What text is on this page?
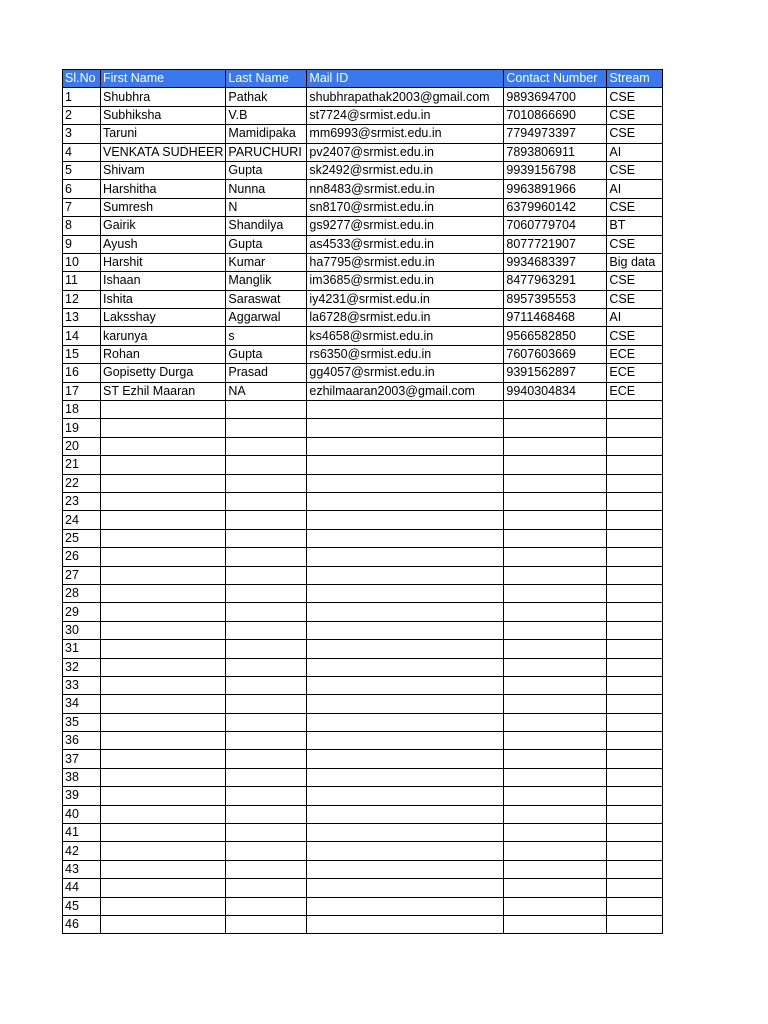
Sl.No	First Name	Last Name	Mail ID	Contact Number	Stream
1	Shubhra	Pathak	shubhrapathak2003@gmail.com	9893694700	CSE
2	Subhiksha	V.B	st7724@srmist.edu.in	7010866690	CSE
3	Taruni	Mamidipaka	mm6993@srmist.edu.in	7794973397	CSE
4	VENKATA SUDHEER	PARUCHURI	pv2407@srmist.edu.in	7893806911	AI
5	Shivam	Gupta	sk2492@srmist.edu.in	9939156798	CSE
6	Harshitha	Nunna	nn8483@srmist.edu.in	9963891966	AI
7	Sumresh	N	sn8170@srmist.edu.in	6379960142	CSE
8	Gairik	Shandilya	gs9277@srmist.edu.in	7060779704	BT
9	Ayush	Gupta	as4533@srmist.edu.in	8077721907	CSE
10	Harshit	Kumar	ha7795@srmist.edu.in	9934683397	Big data
11	Ishaan	Manglik	im3685@srmist.edu.in	8477963291	CSE
12	Ishita	Saraswat	iy4231@srmist.edu.in	8957395553	CSE
13	Laksshay	Aggarwal	la6728@srmist.edu.in	9711468468	AI
14	karunya	s	ks4658@srmist.edu.in	9566582850	CSE
15	Rohan	Gupta	rs6350@srmist.edu.in	7607603669	ECE
16	Gopisetty Durga	Prasad	gg4057@srmist.edu.in	9391562897	ECE
17	ST Ezhil Maaran	NA	ezhilmaaran2003@gmail.com	9940304834	ECE
18					
19					
20					
21					
22					
23					
24					
25					
26					
27					
28					
29					
30					
31					
32					
33					
34					
35					
36					
37					
38					
39					
40					
41					
42					
43					
44					
45					
46					
